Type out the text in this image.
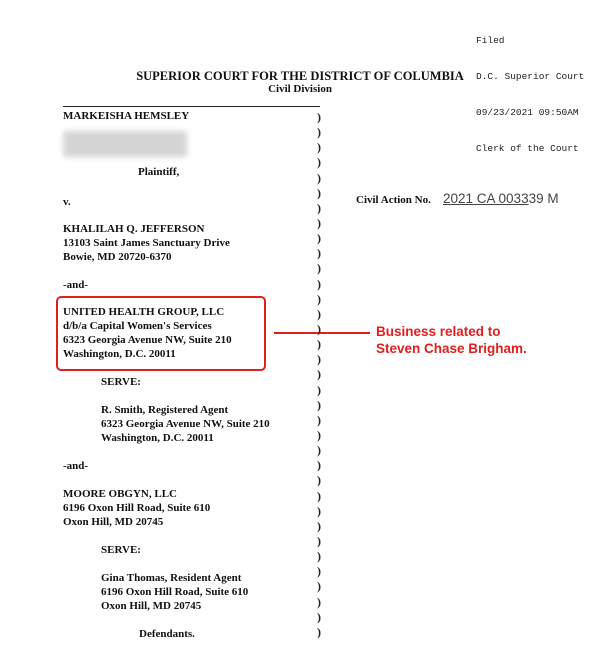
Filed

D.C. Superior Court

09/23/2021 09:50AM

Clerk of the Court

SUPERIOR COURT FOR THE DISTRICT OF COLUMBIA
Civil Division
MARKEISHA HEMSLEY
Plaintiff,
v.	Civil Action No. 2021 CA 003339 M
KHALILAH Q. JEFFERSON
13103 Saint James Sanctuary Drive
Bowie, MD 20720-6370
-and-
UNITED HEALTH GROUP, LLC
d/b/a Capital Women's Services
6323 Georgia Avenue NW, Suite 210
Washington, D.C. 20011
Business related to
Steven Chase Brigham.
SERVE:
R. Smith, Registered Agent
6323 Georgia Avenue NW, Suite 210
Washington, D.C. 20011
-and-
MOORE OBGYN, LLC
6196 Oxon Hill Road, Suite 610
Oxon Hill, MD 20745
SERVE:
Gina Thomas, Resident Agent
6196 Oxon Hill Road, Suite 610
Oxon Hill, MD 20745
Defendants.
)
)
)
)
)
)
)
)
)
)
)
)
)
)
)
)
)
)
)
)
)
)
)
)
)
)
)
)
)
)
)
)
)
)
)
